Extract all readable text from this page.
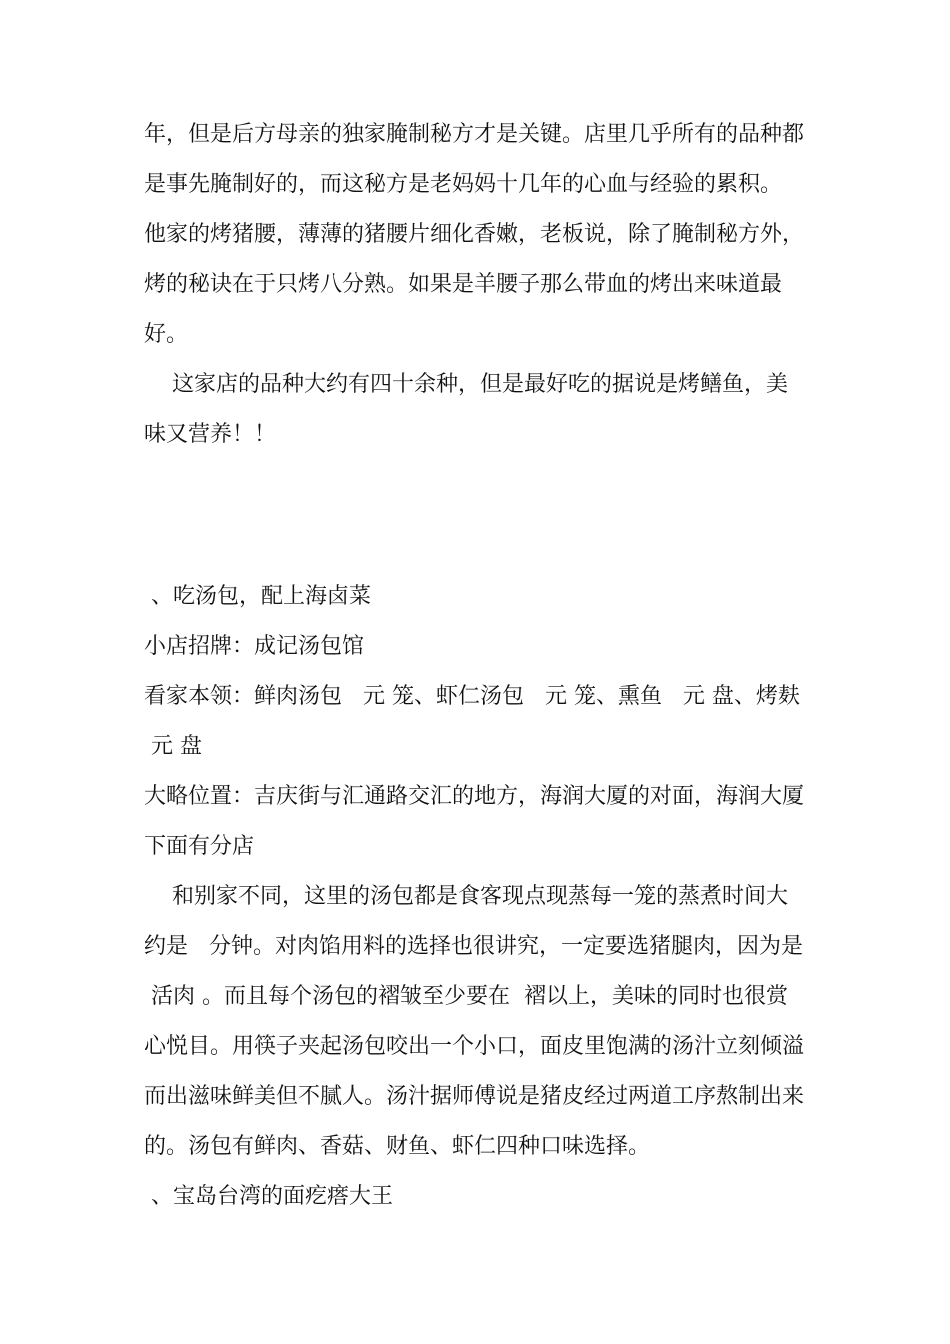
年，但是后方母亲的独家腌制秘方才是关键。店里几乎所有的品种都
是事先腌制好的，而这秘方是老妈妈十几年的心血与经验的累积。
他家的烤猪腰，薄薄的猪腰片细化香嫩，老板说，除了腌制秘方外，
烤的秘诀在于只烤八分熟。如果是羊腰子那么带血的烤出来味道最
好。
这家店的品种大约有四十余种，但是最好吃的据说是烤鳝鱼，美
味又营养！！
、吃汤包，配上海卤菜
小店招牌：成记汤包馆
看家本领：鲜肉汤包   元 笼、虾仁汤包   元 笼、熏鱼   元 盘、烤麸
元 盘
大略位置：吉庆街与汇通路交汇的地方，海润大厦的对面，海润大厦
下面有分店
和别家不同，这里的汤包都是食客现点现蒸每一笼的蒸煮时间大
约是   分钟。对肉馅用料的选择也很讲究，一定要选猪腿肉，因为是
活肉 。而且每个汤包的褶皱至少要在  褶以上，美味的同时也很赏
心悦目。用筷子夹起汤包咬出一个小口，面皮里饱满的汤汁立刻倾溢
而出滋味鲜美但不腻人。汤汁据师傅说是猪皮经过两道工序熬制出来
的。汤包有鲜肉、香菇、财鱼、虾仁四种口味选择。
、宝岛台湾的面疙瘩大王
